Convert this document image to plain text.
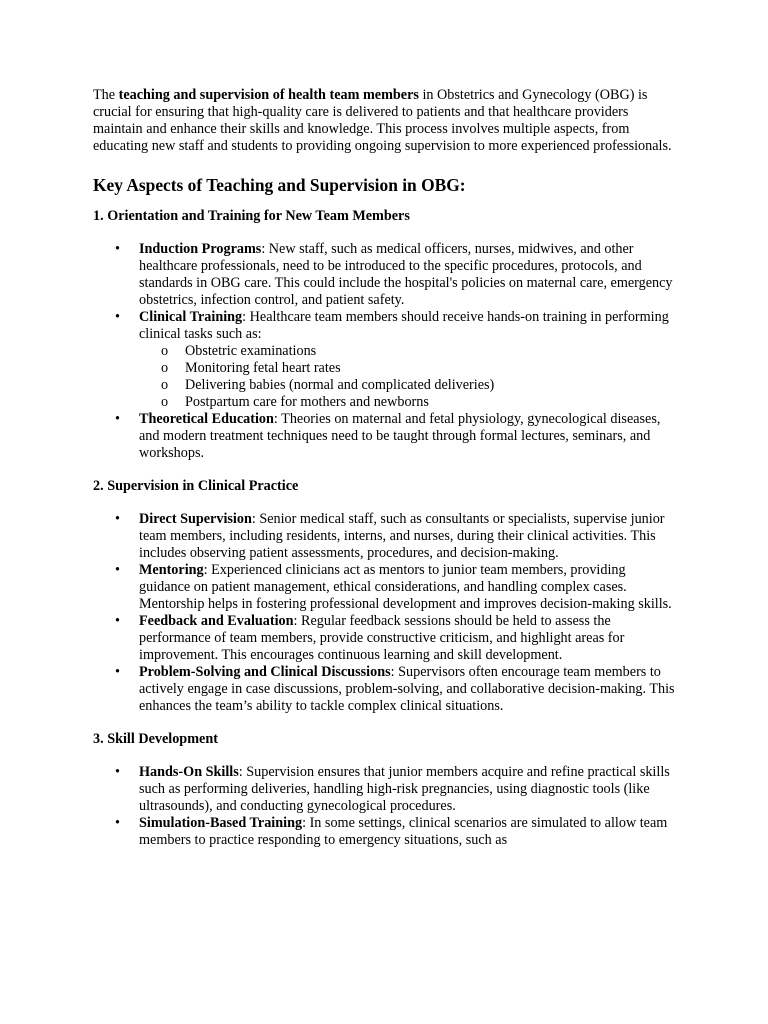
The teaching and supervision of health team members in Obstetrics and Gynecology (OBG) is crucial for ensuring that high-quality care is delivered to patients and that healthcare providers maintain and enhance their skills and knowledge. This process involves multiple aspects, from educating new staff and students to providing ongoing supervision to more experienced professionals.

Key Aspects of Teaching and Supervision in OBG:
1. Orientation and Training for New Team Members
• Induction Programs: New staff, such as medical officers, nurses, midwives, and other healthcare professionals, need to be introduced to the specific procedures, protocols, and standards in OBG care. This could include the hospital's policies on maternal care, emergency obstetrics, infection control, and patient safety.
• Clinical Training: Healthcare team members should receive hands-on training in performing clinical tasks such as:
o Obstetric examinations
o Monitoring fetal heart rates
o Delivering babies (normal and complicated deliveries)
o Postpartum care for mothers and newborns
• Theoretical Education: Theories on maternal and fetal physiology, gynecological diseases, and modern treatment techniques need to be taught through formal lectures, seminars, and workshops.
2. Supervision in Clinical Practice
• Direct Supervision: Senior medical staff, such as consultants or specialists, supervise junior team members, including residents, interns, and nurses, during their clinical activities. This includes observing patient assessments, procedures, and decision-making.
• Mentoring: Experienced clinicians act as mentors to junior team members, providing guidance on patient management, ethical considerations, and handling complex cases. Mentorship helps in fostering professional development and improves decision-making skills.
• Feedback and Evaluation: Regular feedback sessions should be held to assess the performance of team members, provide constructive criticism, and highlight areas for improvement. This encourages continuous learning and skill development.
• Problem-Solving and Clinical Discussions: Supervisors often encourage team members to actively engage in case discussions, problem-solving, and collaborative decision-making. This enhances the team’s ability to tackle complex clinical situations.
3. Skill Development
• Hands-On Skills: Supervision ensures that junior members acquire and refine practical skills such as performing deliveries, handling high-risk pregnancies, using diagnostic tools (like ultrasounds), and conducting gynecological procedures.
• Simulation-Based Training: In some settings, clinical scenarios are simulated to allow team members to practice responding to emergency situations, such as
